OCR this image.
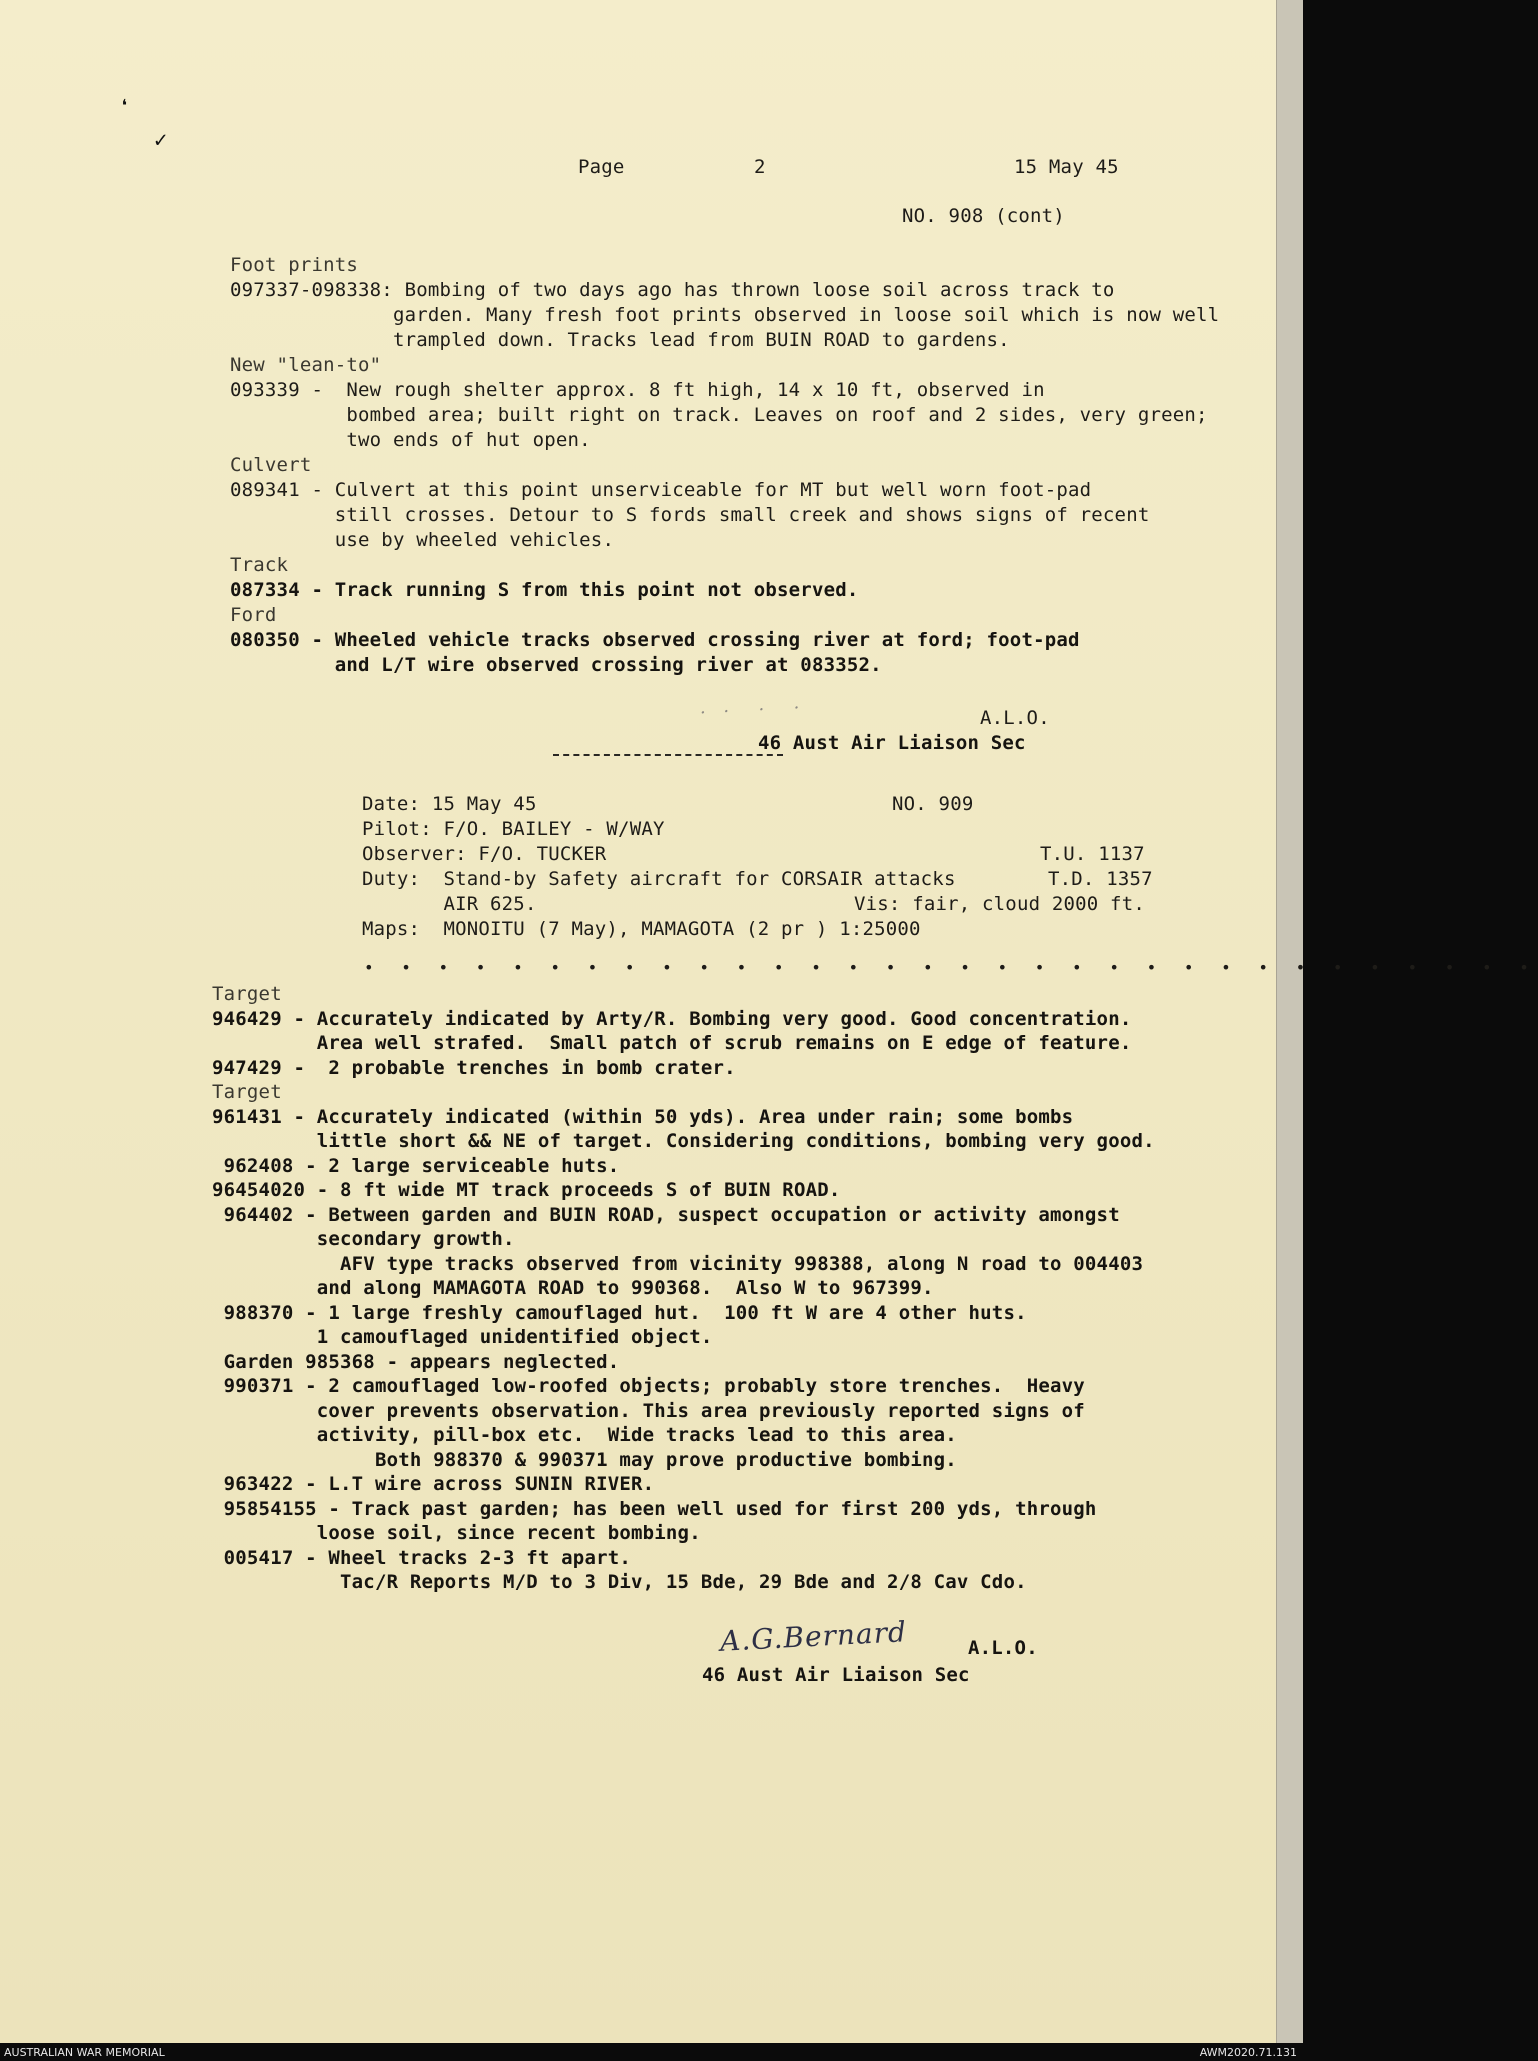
❛
✓
Page	2	15 May 45
NO. 908 (cont)
Foot prints
097337-098338: Bombing of two days ago has thrown loose soil across track to
garden. Many fresh foot prints observed in loose soil which is now well
trampled down. Tracks lead from BUIN ROAD to gardens.
New "lean-to"
093339 -  New rough shelter approx. 8 ft high, 14 x 10 ft, observed in
bombed area; built right on track. Leaves on roof and 2 sides, very green;
two ends of hut open.
Culvert
089341 - Culvert at this point unserviceable for MT but well worn foot-pad
still crosses. Detour to S fords small creek and shows signs of recent
use by wheeled vehicles.
Track
087334 - Track running S from this point not observed.
Ford
080350 - Wheeled vehicle tracks observed crossing river at ford; foot-pad
and L/T wire observed crossing river at 083352.
· ·  ·  ·	A.L.O.
46 Aust Air Liaison Sec
Date: 15 May 45	NO. 909
Pilot: F/O. BAILEY - W/WAY
Observer: F/O. TUCKER	T.U. 1137
Duty:  Stand-by Safety aircraft for CORSAIR attacks	T.D. 1357
AIR 625.	Vis: fair, cloud 2000 ft.
Maps:  MONOITU (7 May), MAMAGOTA (2 pr ) 1:25000
• • • • • • • • • • • • • • • • • • • • • • • • • • • • • • • •
Target
946429 - Accurately indicated by Arty/R. Bombing very good. Good concentration.
Area well strafed.  Small patch of scrub remains on E edge of feature.
947429 -  2 probable trenches in bomb crater.
Target
961431 - Accurately indicated (within 50 yds). Area under rain; some bombs
little short && NE of target. Considering conditions, bombing very good.
962408 - 2 large serviceable huts.
96454020 - 8 ft wide MT track proceeds S of BUIN ROAD.
964402 - Between garden and BUIN ROAD, suspect occupation or activity amongst
secondary growth.
AFV type tracks observed from vicinity 998388, along N road to 004403
and along MAMAGOTA ROAD to 990368.  Also W to 967399.
988370 - 1 large freshly camouflaged hut.  100 ft W are 4 other huts.
1 camouflaged unidentified object.
Garden 985368 - appears neglected.
990371 - 2 camouflaged low-roofed objects; probably store trenches.  Heavy
cover prevents observation. This area previously reported signs of
activity, pill-box etc.  Wide tracks lead to this area.
Both 988370 & 990371 may prove productive bombing.
963422 - L.T wire across SUNIN RIVER.
95854155 - Track past garden; has been well used for first 200 yds, through
loose soil, since recent bombing.
005417 - Wheel tracks 2-3 ft apart.
Tac/R Reports M/D to 3 Div, 15 Bde, 29 Bde and 2/8 Cav Cdo.
A.G.Bernard	A.L.O.
46 Aust Air Liaison Sec
AUSTRALIAN WAR MEMORIAL	AWM2020.71.131
